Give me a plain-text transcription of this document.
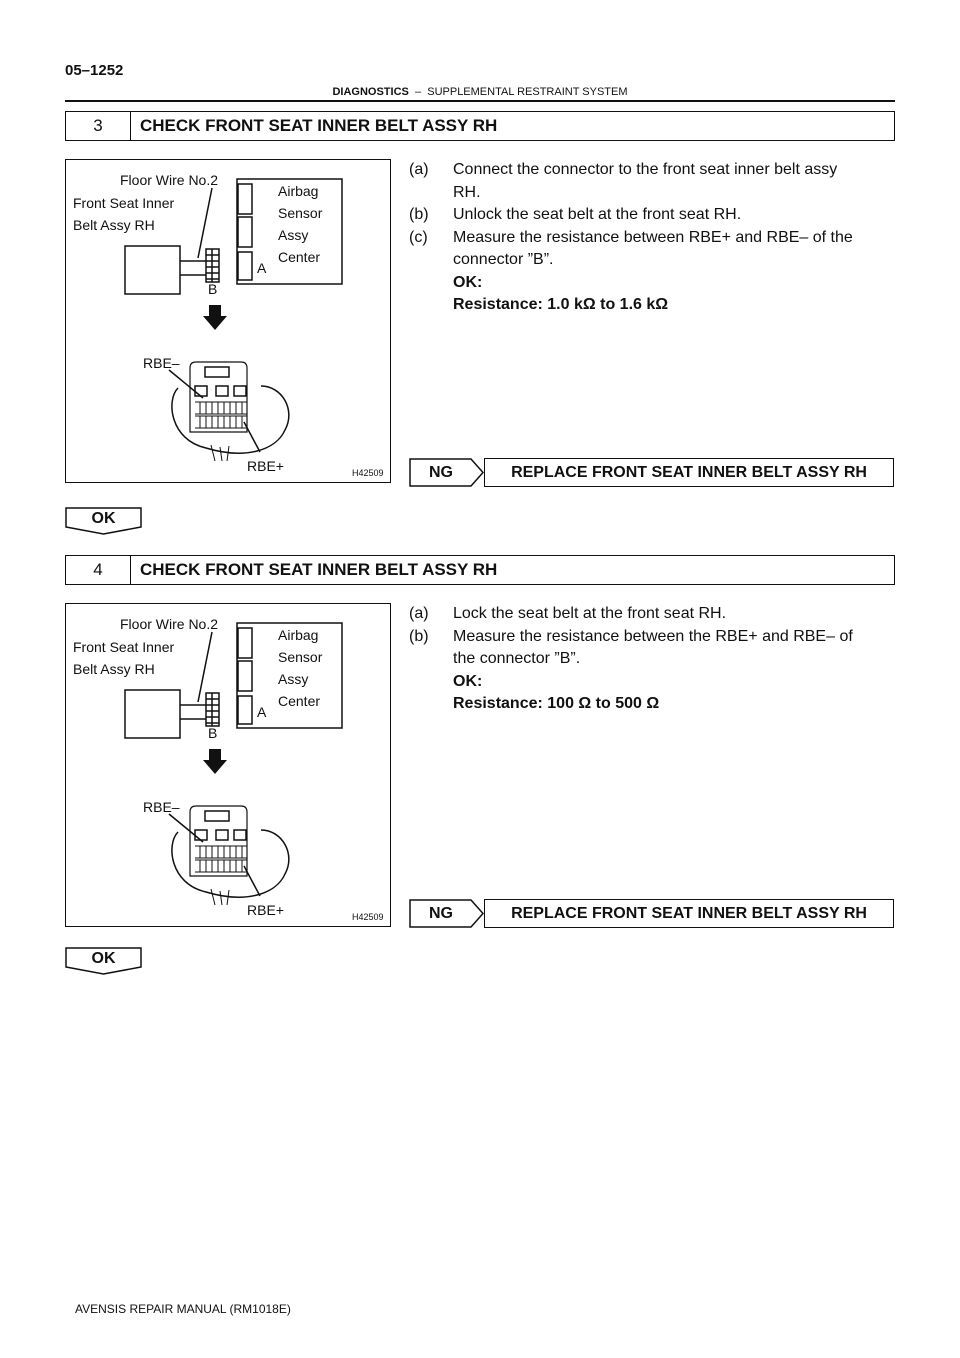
05–1252
DIAGNOSTICS – SUPPLEMENTAL RESTRAINT SYSTEM
3	CHECK FRONT SEAT INNER BELT ASSY RH
Floor Wire No.2
Front Seat Inner
Belt Assy RH
Airbag
Sensor
Assy
Center
A
B
RBE–
RBE+	H42509
(a)	Connect the connector to the front seat inner belt assy
RH.
(b)	Unlock the seat belt at the front seat RH.
(c)	Measure the resistance between RBE+ and RBE– of the
connector ”B”.
OK:
Resistance: 1.0 kΩ to 1.6 kΩ
NG	REPLACE FRONT SEAT INNER BELT ASSY RH
OK
4	CHECK FRONT SEAT INNER BELT ASSY RH
Floor Wire No.2
Front Seat Inner
Belt Assy RH
Airbag
Sensor
Assy
Center
A
B
RBE–
RBE+	H42509
(a)	Lock the seat belt at the front seat RH.
(b)	Measure the resistance between the RBE+ and RBE– of
the connector ”B”.
OK:
Resistance: 100 Ω to 500 Ω
NG	REPLACE FRONT SEAT INNER BELT ASSY RH
OK
AVENSIS REPAIR MANUAL (RM1018E)
